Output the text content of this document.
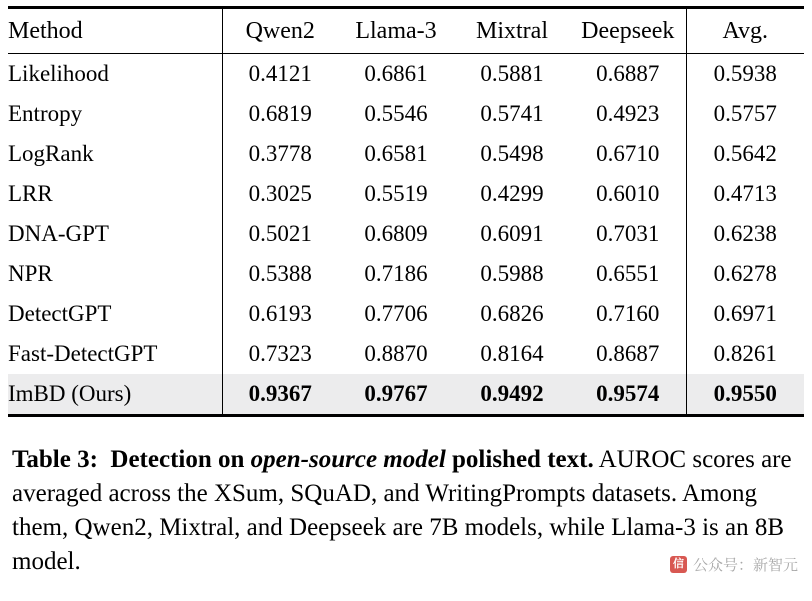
Method	Qwen2	Llama-3	Mixtral	Deepseek	Avg.

Likelihood	0.4121	0.6861	0.5881	0.6887	0.5938
Entropy	0.6819	0.5546	0.5741	0.4923	0.5757
LogRank	0.3778	0.6581	0.5498	0.6710	0.5642
LRR	0.3025	0.5519	0.4299	0.6010	0.4713
DNA-GPT	0.5021	0.6809	0.6091	0.7031	0.6238
NPR	0.5388	0.7186	0.5988	0.6551	0.6278
DetectGPT	0.6193	0.7706	0.6826	0.7160	0.6971
Fast-DetectGPT	0.7323	0.8870	0.8164	0.8687	0.8261
ImBD (Ours)	0.9367	0.9767	0.9492	0.9574	0.9550

Table 3: Detection on open-source model polished text. AUROC scores are averaged across the XSum, SQuAD, and WritingPrompts datasets. Among them, Qwen2, Mixtral, and Deepseek are 7B models, while Llama-3 is an 8B model.	信 公众号：新智元
